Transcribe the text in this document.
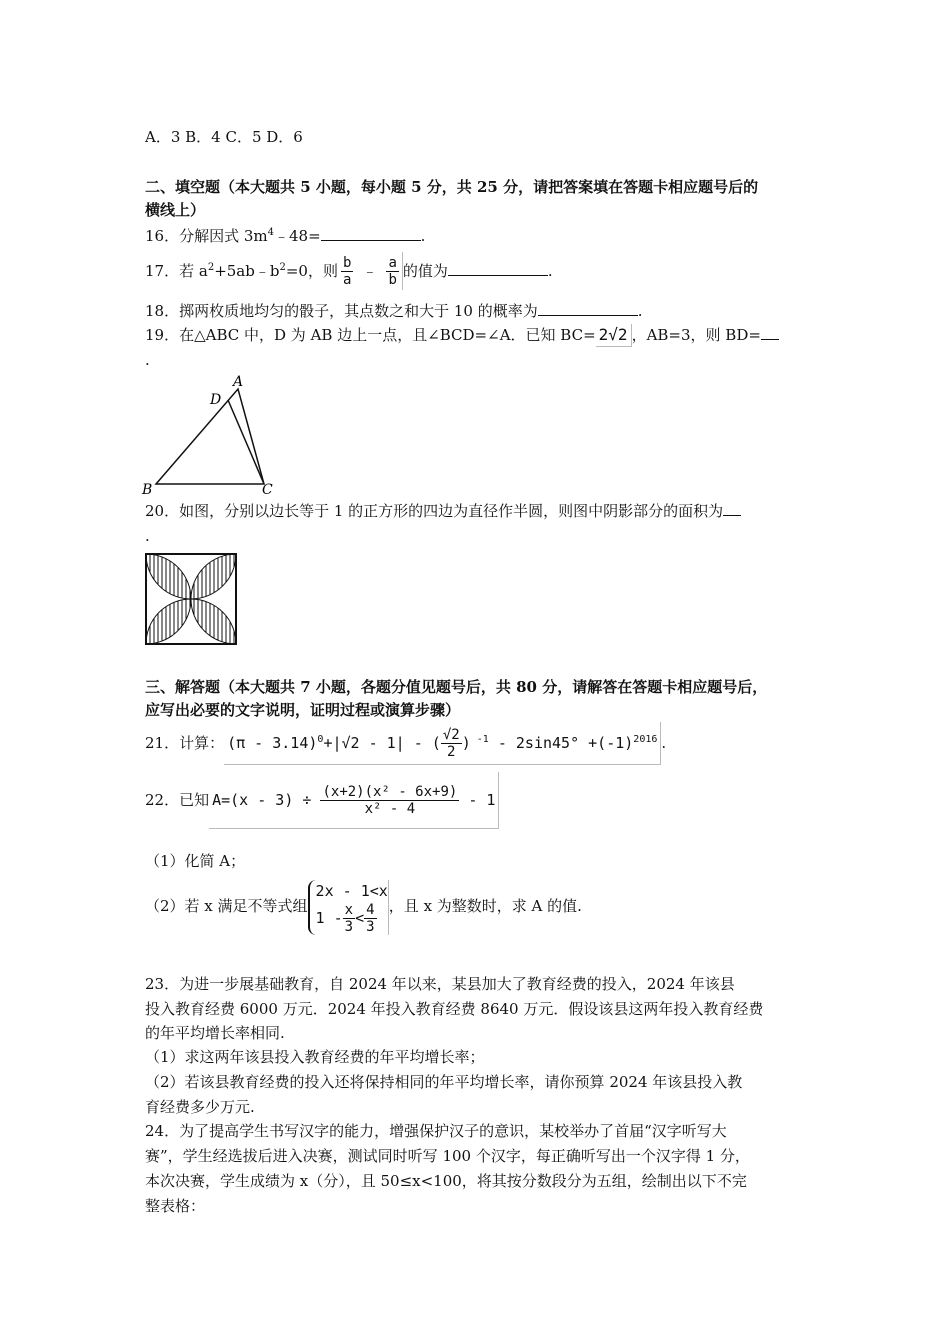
A．3 B．4 C．5 D．6
二、填空题（本大题共 5 小题，每小题 5 分，共 25 分，请把答案填在答题卡相应题号后的
横线上）
16．分解因式 $3m^4﹣48=$	.
17．若 $a^2+5ab﹣b^2=0$，则 $\frac{b}{a}$ ﹣ $\frac{a}{b}$ 的值为	.
18．掷两枚质地均匀的骰子，其点数之和大于 10 的概率为	.
19．在△ABC 中，D 为 AB 边上一点，且∠BCD=∠A．已知 BC= 2√2 ，AB=3，则 BD=
.
A
D
B	C
20．如图，分别以边长等于 1 的正方形的四边为直径作半圆，则图中阴影部分的面积为
.
三、解答题（本大题共 7 小题，各题分值见题号后，共 80 分，请解答在答题卡相应题号后，
应写出必要的文字说明，证明过程或演算步骤）
21．计算： (π - 3.14)$^0$+|√2 - 1| - ( $\frac{√2}{2}$ ) $^{-1} - 2\sin 45^\circ +(-1)^{2016}$ .
22．已知 $A=(x - 3) \div \frac{\text{(x+2)(x² - 6x+9)}}{\text{x² - 4}} - 1$
（1）化简 A；
（2）若 x 满足不等式组
2x - 1<x
$1 - \frac{x}{3} < \frac{4}{3}$ ，且 x 为整数时，求 A 的值.
23．为进一步展基础教育，自 2024 年以来，某县加大了教育经费的投入，2024 年该县
投入教育经费 6000 万元．2024 年投入教育经费 8640 万元．假设该县这两年投入教育经费
的年平均增长率相同.
（1）求这两年该县投入教育经费的年平均增长率；
（2）若该县教育经费的投入还将保持相同的年平均增长率，请你预算 2024 年该县投入教
育经费多少万元.
24．为了提高学生书写汉字的能力，增强保护汉子的意识，某校举办了首届“汉字听写大
赛”，学生经选拔后进入决赛，测试同时听写 100 个汉字，每正确听写出一个汉字得 1 分，
本次决赛，学生成绩为 x（分），且 50≤x<100，将其按分数段分为五组，绘制出以下不完
整表格：
